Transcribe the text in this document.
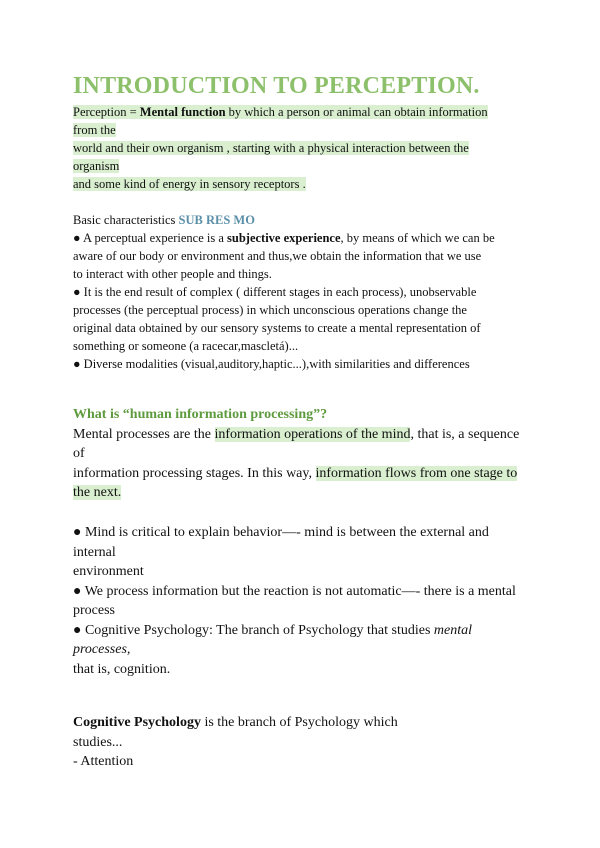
INTRODUCTION TO PERCEPTION.
Perception = Mental function by which a person or animal can obtain information
from the
world and their own organism , starting with a physical interaction between the
organism
and some kind of energy in sensory receptors .
Basic characteristics SUB RES MO
● A perceptual experience is a subjective experience, by means of which we can be
aware of our body or environment and thus,we obtain the information that we use
to interact with other people and things.
● It is the end result of complex ( different stages in each process), unobservable
processes (the perceptual process) in which unconscious operations change the
original data obtained by our sensory systems to create a mental representation of
something or someone (a racecar,mascletá)...
● Diverse modalities (visual,auditory,haptic...),with similarities and differences
What is “human information processing”?
Mental processes are the information operations of the mind, that is, a sequence
of
information processing stages. In this way, information flows from one stage to
the next.
● Mind is critical to explain behavior—- mind is between the external and
internal
environment
● We process information but the reaction is not automatic—- there is a mental
process
● Cognitive Psychology: The branch of Psychology that studies mental
processes,
that is, cognition.
Cognitive Psychology is the branch of Psychology which
studies...
- Attention
